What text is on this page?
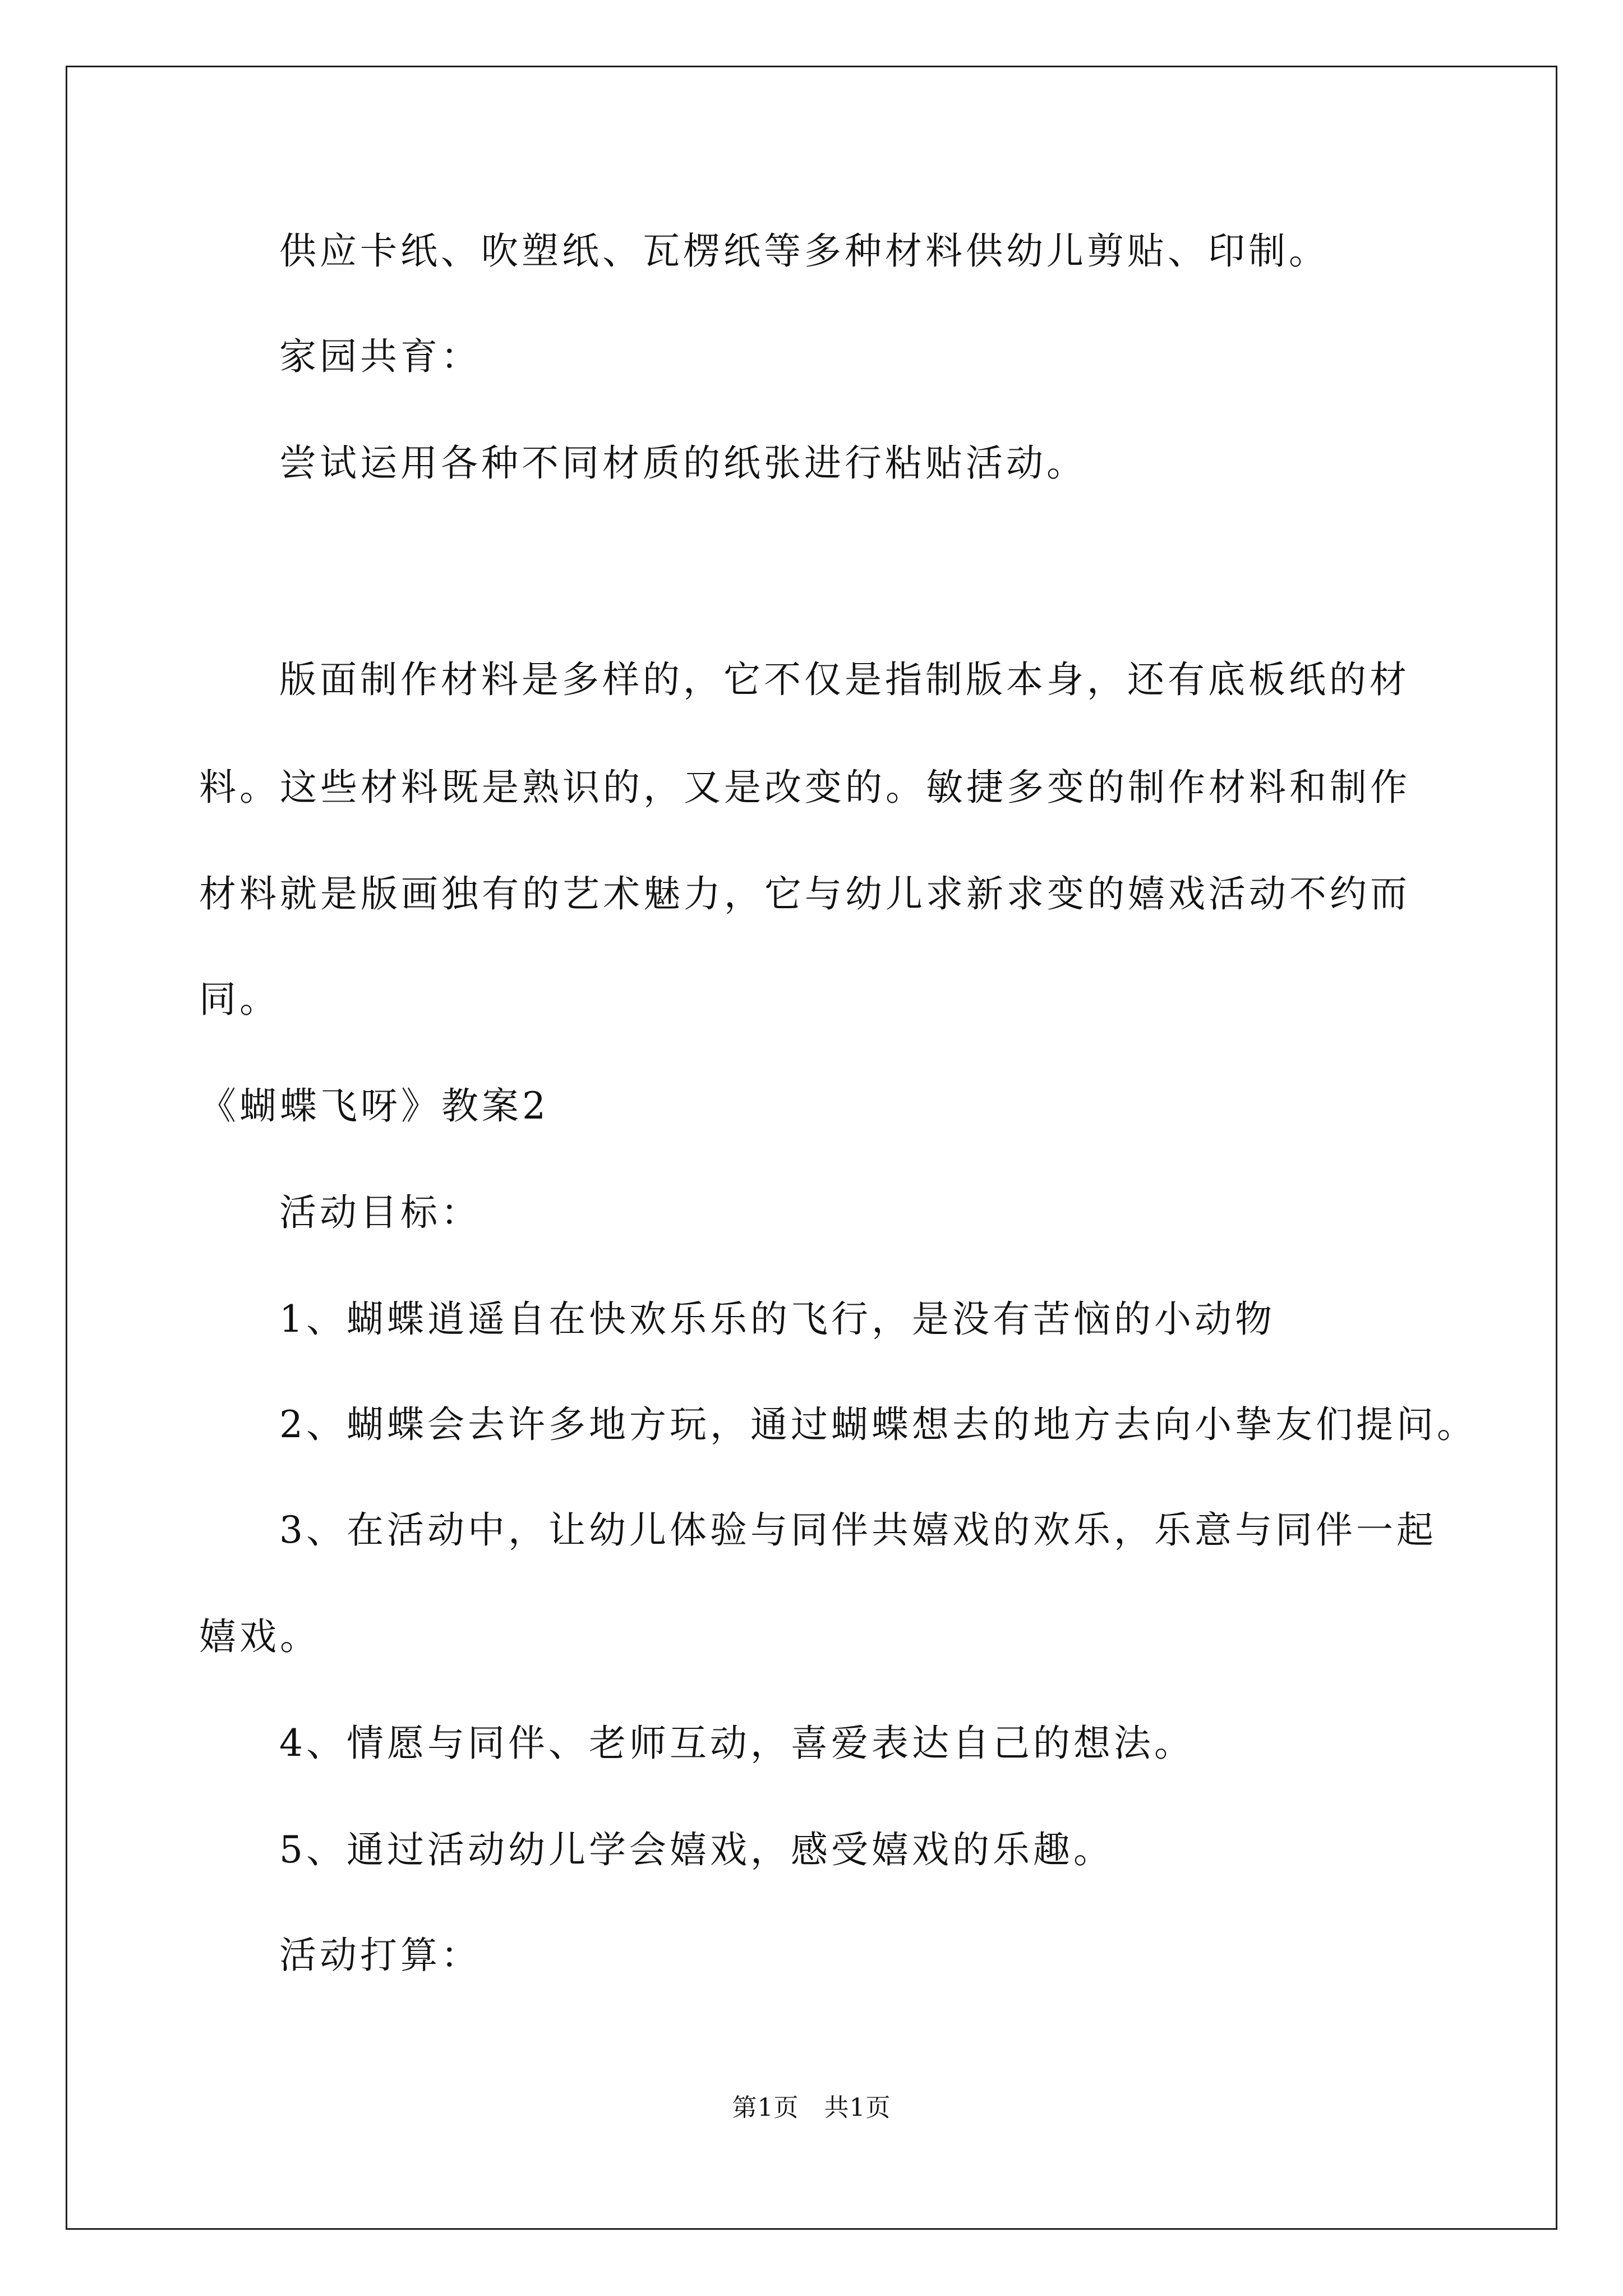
供应卡纸、吹塑纸、瓦楞纸等多种材料供幼儿剪贴、印制。
家园共育：
尝试运用各种不同材质的纸张进行粘贴活动。
版面制作材料是多样的，它不仅是指制版本身，还有底板纸的材
料。这些材料既是熟识的，又是改变的。敏捷多变的制作材料和制作
材料就是版画独有的艺术魅力，它与幼儿求新求变的嬉戏活动不约而
同。
《蝴蝶飞呀》教案2
活动目标：
1、蝴蝶逍遥自在快欢乐乐的飞行，是没有苦恼的小动物
2、蝴蝶会去许多地方玩，通过蝴蝶想去的地方去向小挚友们提问。
3、在活动中，让幼儿体验与同伴共嬉戏的欢乐，乐意与同伴一起
嬉戏。
4、情愿与同伴、老师互动，喜爱表达自己的想法。
5、通过活动幼儿学会嬉戏，感受嬉戏的乐趣。
活动打算：
第1页　共1页
